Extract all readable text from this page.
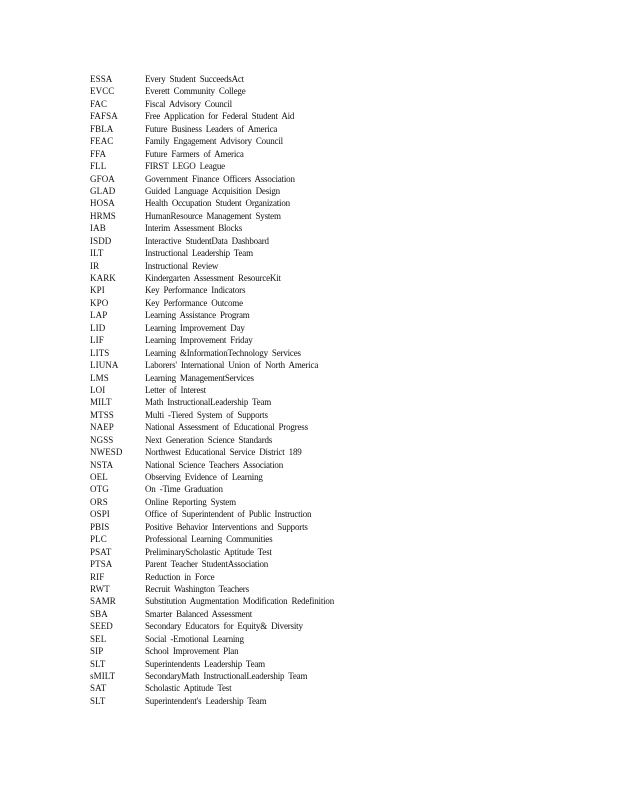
ESSA	Every Student SucceedsAct
EVCC	Everett Community College
FAC	Fiscal Advisory Council
FAFSA	Free Application for Federal Student Aid
FBLA	Future Business Leaders of America
FEAC	Family Engagement Advisory Council
FFA	Future Farmers of America
FLL	FIRST LEGO League
GFOA	Government Finance Officers Association
GLAD	Guided Language Acquisition Design
HOSA	Health Occupation Student Organization
HRMS	HumanResource Management System
IAB	Interim Assessment Blocks
ISDD	Interactive StudentData Dashboard
ILT	Instructional Leadership Team
IR	Instructional Review
KARK	Kindergarten Assessment ResourceKit
KPI	Key Performance Indicators
KPO	Key Performance Outcome
LAP	Learning Assistance Program
LID	Learning Improvement Day
LIF	Learning Improvement Friday
LITS	Learning &InformationTechnology Services
LIUNA	Laborers' International Union of North America
LMS	Learning ManagementServices
LOI	Letter of Interest
MILT	Math InstructionalLeadership Team
MTSS	Multi -Tiered System of Supports
NAEP	National Assessment of Educational Progress
NGSS	Next Generation Science Standards
NWESD	Northwest Educational Service District 189
NSTA	National Science Teachers Association
OEL	Observing Evidence of Learning
OTG	On -Time Graduation
ORS	Online Reporting System
OSPI	Office of Superintendent of Public Instruction
PBIS	Positive Behavior Interventions and Supports
PLC	Professional Learning Communities
PSAT	PreliminaryScholastic Aptitude Test
PTSA	Parent Teacher StudentAssociation
RIF	Reduction in Force
RWT	Recruit Washington Teachers
SAMR	Substitution Augmentation Modification Redefinition
SBA	Smarter Balanced Assessment
SEED	Secondary Educators for Equity& Diversity
SEL	Social -Emotional Learning
SIP	School Improvement Plan
SLT	Superintendents Leadership Team
sMILT	SecondaryMath InstructionalLeadership Team
SAT	Scholastic Aptitude Test
SLT	Superintendent's Leadership Team
